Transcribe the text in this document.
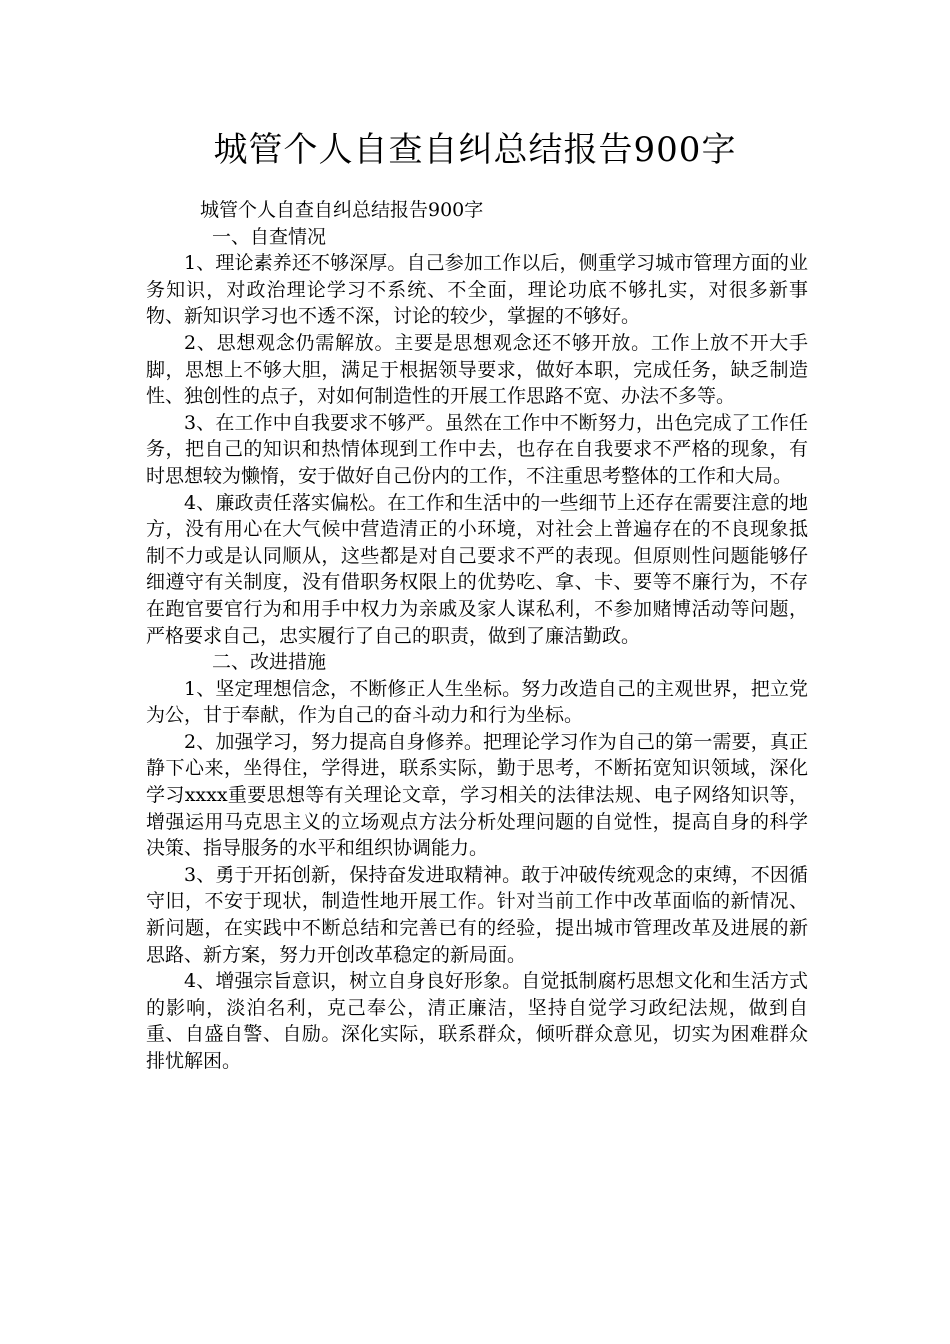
城管个人自查自纠总结报告900字

城管个人自查自纠总结报告900字

一、自查情况

1、理论素养还不够深厚。自己参加工作以后，侧重学习城市管理方面的业务知识，对政治理论学习不系统、不全面，理论功底不够扎实，对很多新事物、新知识学习也不透不深，讨论的较少，掌握的不够好。

2、思想观念仍需解放。主要是思想观念还不够开放。工作上放不开大手脚，思想上不够大胆，满足于根据领导要求，做好本职，完成任务，缺乏制造性、独创性的点子，对如何制造性的开展工作思路不宽、办法不多等。

3、在工作中自我要求不够严。虽然在工作中不断努力，出色完成了工作任务，把自己的知识和热情体现到工作中去，也存在自我要求不严格的现象，有时思想较为懒惰，安于做好自己份内的工作，不注重思考整体的工作和大局。

4、廉政责任落实偏松。在工作和生活中的一些细节上还存在需要注意的地方，没有用心在大气候中营造清正的小环境，对社会上普遍存在的不良现象抵制不力或是认同顺从，这些都是对自己要求不严的表现。但原则性问题能够仔细遵守有关制度，没有借职务权限上的优势吃、拿、卡、要等不廉行为，不存在跑官要官行为和用手中权力为亲戚及家人谋私利，不参加赌博活动等问题，严格要求自己，忠实履行了自己的职责，做到了廉洁勤政。

二、改进措施

1、坚定理想信念，不断修正人生坐标。努力改造自己的主观世界，把立党为公，甘于奉献，作为自己的奋斗动力和行为坐标。

2、加强学习，努力提高自身修养。把理论学习作为自己的第一需要，真正静下心来，坐得住，学得进，联系实际，勤于思考，不断拓宽知识领域，深化学习xxxx重要思想等有关理论文章，学习相关的法律法规、电子网络知识等，增强运用马克思主义的立场观点方法分析处理问题的自觉性，提高自身的科学决策、指导服务的水平和组织协调能力。

3、勇于开拓创新，保持奋发进取精神。敢于冲破传统观念的束缚，不因循守旧，不安于现状，制造性地开展工作。针对当前工作中改革面临的新情况、新问题，在实践中不断总结和完善已有的经验，提出城市管理改革及进展的新思路、新方案，努力开创改革稳定的新局面。

4、增强宗旨意识，树立自身良好形象。自觉抵制腐朽思想文化和生活方式的影响，淡泊名利，克己奉公，清正廉洁，坚持自觉学习政纪法规，做到自重、自盛自警、自励。深化实际，联系群众，倾听群众意见，切实为困难群众排忧解困。
